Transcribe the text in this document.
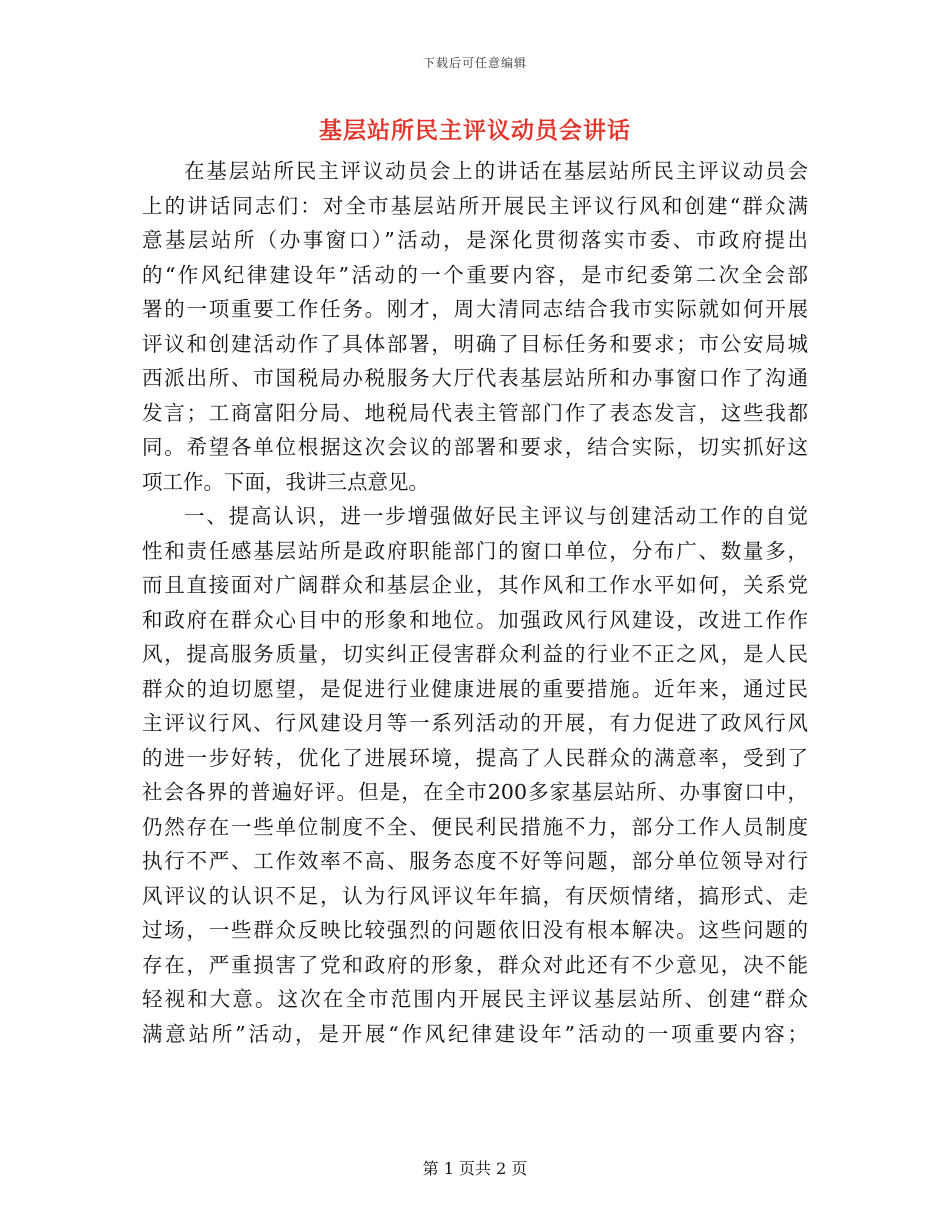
下载后可任意编辑
基层站所民主评议动员会讲话
在基层站所民主评议动员会上的讲话在基层站所民主评议动员会
上的讲话同志们：对全市基层站所开展民主评议行风和创建“群众满
意基层站所（办事窗口）”活动，是深化贯彻落实市委、市政府提出
的“作风纪律建设年”活动的一个重要内容，是市纪委第二次全会部
署的一项重要工作任务。刚才，周大清同志结合我市实际就如何开展
评议和创建活动作了具体部署，明确了目标任务和要求；市公安局城
西派出所、市国税局办税服务大厅代表基层站所和办事窗口作了沟通
发言；工商富阳分局、地税局代表主管部门作了表态发言，这些我都
同。希望各单位根据这次会议的部署和要求，结合实际，切实抓好这
项工作。下面，我讲三点意见。
一、提高认识，进一步增强做好民主评议与创建活动工作的自觉
性和责任感基层站所是政府职能部门的窗口单位，分布广、数量多，
而且直接面对广阔群众和基层企业，其作风和工作水平如何，关系党
和政府在群众心目中的形象和地位。加强政风行风建设，改进工作作
风，提高服务质量，切实纠正侵害群众利益的行业不正之风，是人民
群众的迫切愿望，是促进行业健康进展的重要措施。近年来，通过民
主评议行风、行风建设月等一系列活动的开展，有力促进了政风行风
的进一步好转，优化了进展环境，提高了人民群众的满意率，受到了
社会各界的普遍好评。但是，在全市200多家基层站所、办事窗口中，
仍然存在一些单位制度不全、便民利民措施不力，部分工作人员制度
执行不严、工作效率不高、服务态度不好等问题，部分单位领导对行
风评议的认识不足，认为行风评议年年搞，有厌烦情绪，搞形式、走
过场，一些群众反映比较强烈的问题依旧没有根本解决。这些问题的
存在，严重损害了党和政府的形象，群众对此还有不少意见，决不能
轻视和大意。这次在全市范围内开展民主评议基层站所、创建“群众
满意站所”活动，是开展“作风纪律建设年”活动的一项重要内容；
第 1 页共 2 页
